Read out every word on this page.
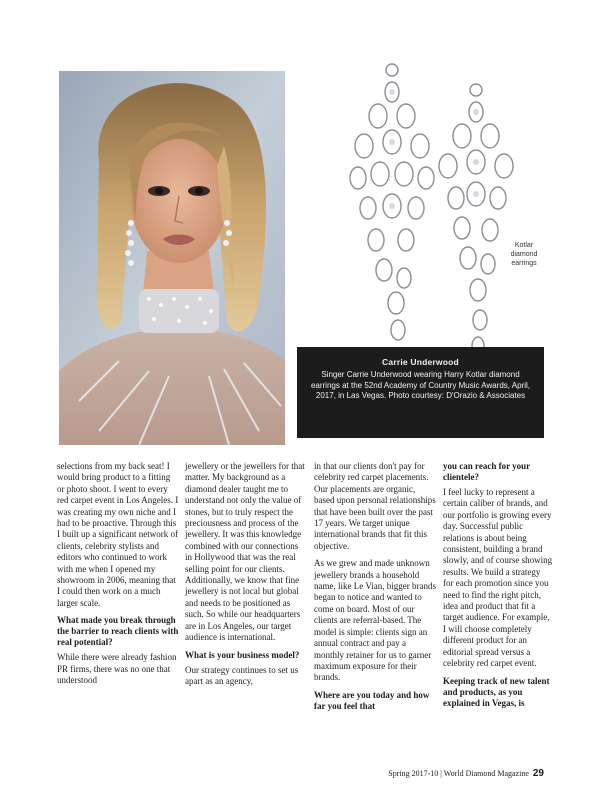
Kotlar diamond earrings
Carrie Underwood
Singer Carrie Underwood wearing Harry Kotlar diamond earrings at the 52nd Academy of Country Music Awards, April, 2017, in Las Vegas. Photo courtesy: D'Orazio & Associates

selections from my back seat! I would bring product to a fitting or photo shoot. I went to every red carpet event in Los Angeles. I was creating my own niche and I had to be proactive. Through this I built up a significant network of clients, celebrity stylists and editors who continued to work with me when I opened my showroom in 2006, meaning that I could then work on a much larger scale.

What made you break through the barrier to reach clients with real potential?

While there were already fashion PR firms, there was no one that understood

jewellery or the jewellers for that matter. My background as a diamond dealer taught me to understand not only the value of stones, but to truly respect the preciousness and process of the jewellery. It was this knowledge combined with our connections in Hollywood that was the real selling point for our clients. Additionally, we know that fine jewellery is not local but global and needs to be positioned as such. So while our headquarters are in Los Angeles, our target audience is international.

What is your business model?

Our strategy continues to set us apart as an agency,

in that our clients don't pay for celebrity red carpet placements. Our placements are organic, based upon personal relationships that have been built over the past 17 years. We target unique international brands that fit this objective.

As we grew and made unknown jewellery brands a household name, like Le Vian, bigger brands began to notice and wanted to come on board. Most of our clients are referral-based. The model is simple: clients sign an annual contract and pay a monthly retainer for us to garner maximum exposure for their brands.

Where are you today and how far you feel that
you can reach for your clientele?

I feel lucky to represent a certain caliber of brands, and our portfolio is growing every day. Successful public relations is about being consistent, building a brand slowly, and of course showing results. We build a strategy for each promotion since you need to find the right pitch, idea and product that fit a target audience. For example, I will choose completely different product for an editorial spread versus a celebrity red carpet event.

Keeping track of new talent and products, as you explained in Vegas, is
Spring 2017-10 | World Diamond Magazine 29
